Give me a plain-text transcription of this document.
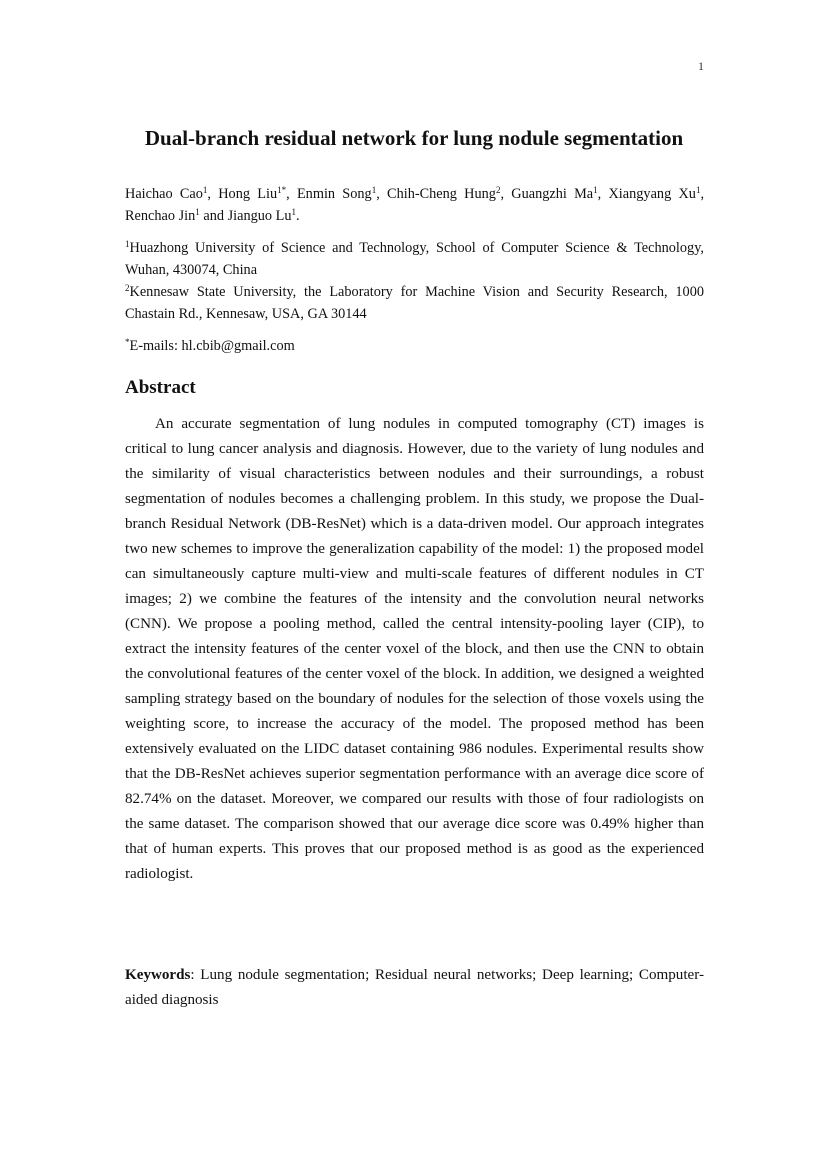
1
Dual-branch residual network for lung nodule segmentation
Haichao Cao$^1$, Hong Liu$^{1*}$, Enmin Song$^1$, Chih-Cheng Hung$^2$, Guangzhi Ma$^1$, Xiangyang Xu$^1$, Renchao Jin$^1$ and Jianguo Lu$^1$.
$^1$Huazhong University of Science and Technology, School of Computer Science & Technology, Wuhan, 430074, China
$^2$Kennesaw State University, the Laboratory for Machine Vision and Security Research, 1000 Chastain Rd., Kennesaw, USA, GA 30144
*E-mails: hl.cbib@gmail.com
Abstract

An accurate segmentation of lung nodules in computed tomography (CT) images is critical to lung cancer analysis and diagnosis. However, due to the variety of lung nodules and the similarity of visual characteristics between nodules and their surroundings, a robust segmentation of nodules becomes a challenging problem. In this study, we propose the Dual-branch Residual Network (DB-ResNet) which is a data-driven model. Our approach integrates two new schemes to improve the generalization capability of the model: 1) the proposed model can simultaneously capture multi-view and multi-scale features of different nodules in CT images; 2) we combine the features of the intensity and the convolution neural networks (CNN). We propose a pooling method, called the central intensity-pooling layer (CIP), to extract the intensity features of the center voxel of the block, and then use the CNN to obtain the convolutional features of the center voxel of the block. In addition, we designed a weighted sampling strategy based on the boundary of nodules for the selection of those voxels using the weighting score, to increase the accuracy of the model. The proposed method has been extensively evaluated on the LIDC dataset containing 986 nodules. Experimental results show that the DB-ResNet achieves superior segmentation performance with an average dice score of 82.74% on the dataset. Moreover, we compared our results with those of four radiologists on the same dataset. The comparison showed that our average dice score was 0.49% higher than that of human experts. This proves that our proposed method is as good as the experienced radiologist.

Keywords: Lung nodule segmentation; Residual neural networks; Deep learning; Computer-aided diagnosis
